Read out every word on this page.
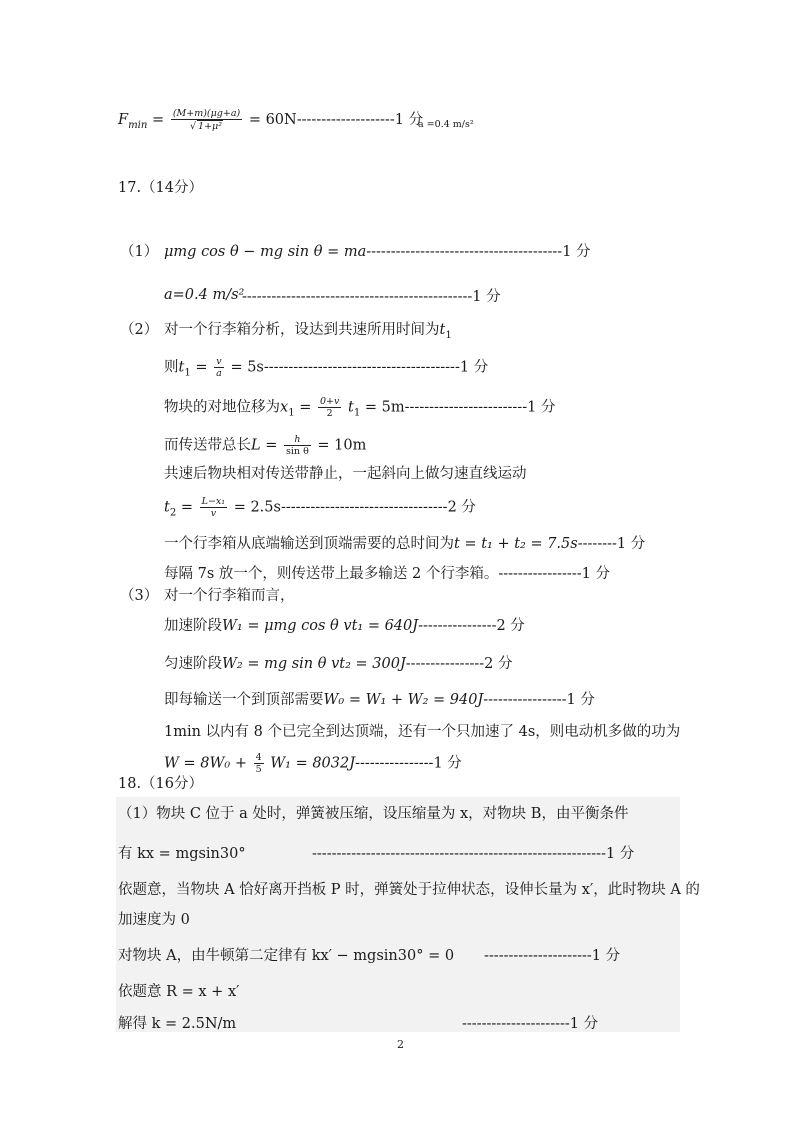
$F_{min} = \frac{(M+m)(\mu g+a)}{\text{√ 1+μ²}} = 60N--------------------1$ 分
a =0.4 m/s²
17.（14分）
（1） μmg cos θ − mg sin θ = ma----------------------------------------1 分
a=0.4 m/s²
-----------------------------------------------1 分
（2） 对一个行李箱分析，设达到共速所用时间为$t_1$
则$t_1 = \frac{v}{a} = 5s----------------------------------------1$ 分
物块的对地位移为$x_1 = \frac{0+v}{2} t_1 = 5m-------------------------1$ 分
而传送带总长$L = \frac{h}{\text{sin θ}} = 10m$
共速后物块相对传送带静止，一起斜向上做匀速直线运动
$t_2 = \frac{\text{L−x₁}}{v} = 2.5s----------------------------------2$ 分
一个行李箱从底端输送到顶端需要的总时间为t = t₁ + t₂ = 7.5s--------1 分
每隔 7s 放一个，则传送带上最多输送 2 个行李箱。-----------------1 分
（3） 对一个行李箱而言，
加速阶段W₁ = μmg cos θ vt₁ = 640J----------------2 分
匀速阶段W₂ = mg sin θ vt₂ = 300J----------------2 分
即每输送一个到顶部需要W₀ = W₁ + W₂ = 940J-----------------1 分
1min 以内有 8 个已完全到达顶端，还有一个只加速了 4s，则电动机多做的功为
$W = 8W_0 + \frac{4}{5} W_1 = 8032J----------------1$ 分
18.（16分）
（1）物块 C 位于 a 处时，弹簧被压缩，设压缩量为 x，对物块 B，由平衡条件
有 kx = mgsin30°	------------------------------------------------------------1 分
依题意，当物块 A 恰好离开挡板 P 时，弹簧处于拉伸状态，设伸长量为 x′，此时物块 A 的
加速度为 0
对物块 A，由牛顿第二定律有 kx′ − mgsin30° = 0 ----------------------1 分
依题意 R = x + x′
解得 k = 2.5N/m	----------------------1 分
2
